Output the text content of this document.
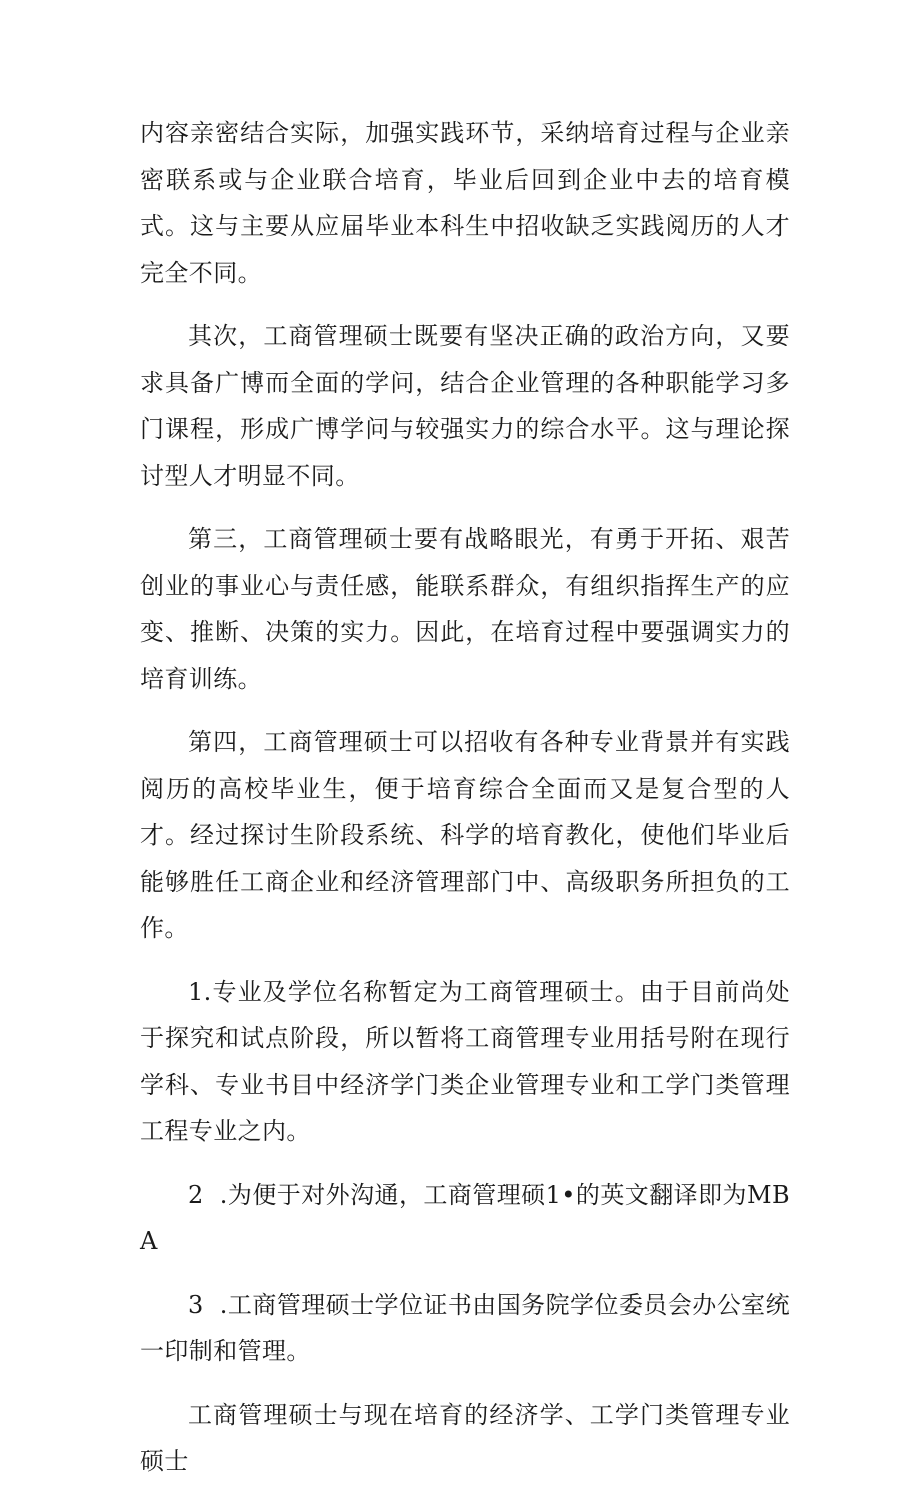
内容亲密结合实际，加强实践环节，采纳培育过程与企业亲密联系或与企业联合培育，毕业后回到企业中去的培育模式。这与主要从应届毕业本科生中招收缺乏实践阅历的人才完全不同。

其次，工商管理硕士既要有坚决正确的政治方向，又要求具备广博而全面的学问，结合企业管理的各种职能学习多门课程，形成广博学问与较强实力的综合水平。这与理论探讨型人才明显不同。

第三，工商管理硕士要有战略眼光，有勇于开拓、艰苦创业的事业心与责任感，能联系群众，有组织指挥生产的应变、推断、决策的实力。因此，在培育过程中要强调实力的培育训练。

第四，工商管理硕士可以招收有各种专业背景并有实践阅历的高校毕业生，便于培育综合全面而又是复合型的人才。经过探讨生阶段系统、科学的培育教化，使他们毕业后能够胜任工商企业和经济管理部门中、高级职务所担负的工作。

1.专业及学位名称暂定为工商管理硕士。由于目前尚处于探究和试点阶段，所以暂将工商管理专业用括号附在现行学科、专业书目中经济学门类企业管理专业和工学门类管理工程专业之内。

2  .为便于对外沟通，工商管理硕1•的英文翻译即为MBA

3  .工商管理硕士学位证书由国务院学位委员会办公室统一印制和管理。

工商管理硕士与现在培育的经济学、工学门类管理专业硕士
